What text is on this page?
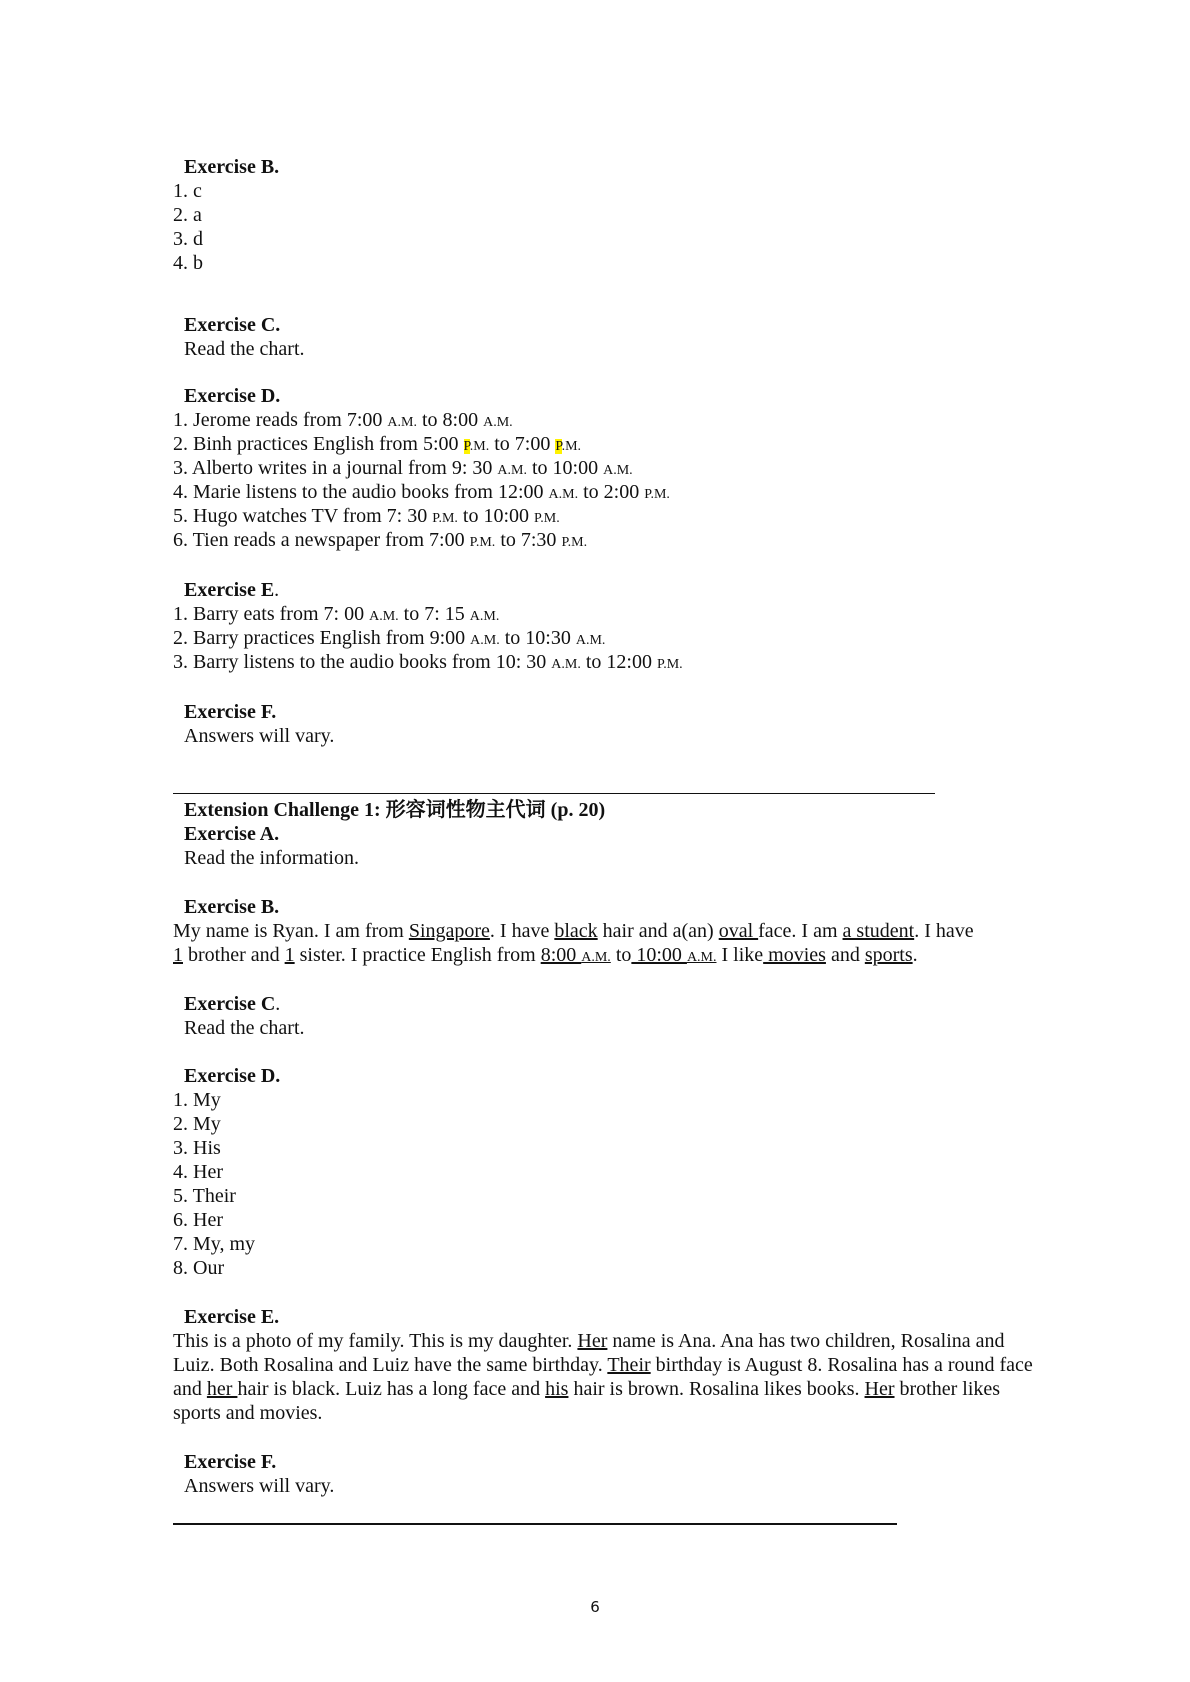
Exercise B.
1. c
2. a
3. d
4. b
Exercise C.
Read the chart.
Exercise D.
1. Jerome reads from 7:00 A.M. to 8:00 A.M.
2. Binh practices English from 5:00 P.M. to 7:00 P.M.
3. Alberto writes in a journal from 9: 30 A.M. to 10:00 A.M.
4. Marie listens to the audio books from 12:00 A.M. to 2:00 P.M.
5. Hugo watches TV from 7: 30 P.M. to 10:00 P.M.
6. Tien reads a newspaper from 7:00 P.M. to 7:30 P.M.
Exercise E.
1. Barry eats from 7: 00 A.M. to 7: 15 A.M.
2. Barry practices English from 9:00 A.M. to 10:30 A.M.
3. Barry listens to the audio books from 10: 30 A.M. to 12:00 P.M.
Exercise F.
Answers will vary.
Extension Challenge 1: 形容词性物主代词 (p. 20)
Exercise A.
Read the information.
Exercise B.
My name is Ryan. I am from Singapore. I have black hair and a(an) oval face. I am a student. I have
1 brother and 1 sister. I practice English from 8:00 A.M. to 10:00 A.M. I like movies and sports.
Exercise C.
Read the chart.
Exercise D.
1. My
2. My
3. His
4. Her
5. Their
6. Her
7. My, my
8. Our
Exercise E.
This is a photo of my family. This is my daughter. Her name is Ana. Ana has two children, Rosalina and Luiz. Both Rosalina and Luiz have the same birthday. Their birthday is August 8. Rosalina has a round face and her hair is black. Luiz has a long face and his hair is brown. Rosalina likes books. Her brother likes sports and movies.
Exercise F.
Answers will vary.
6
